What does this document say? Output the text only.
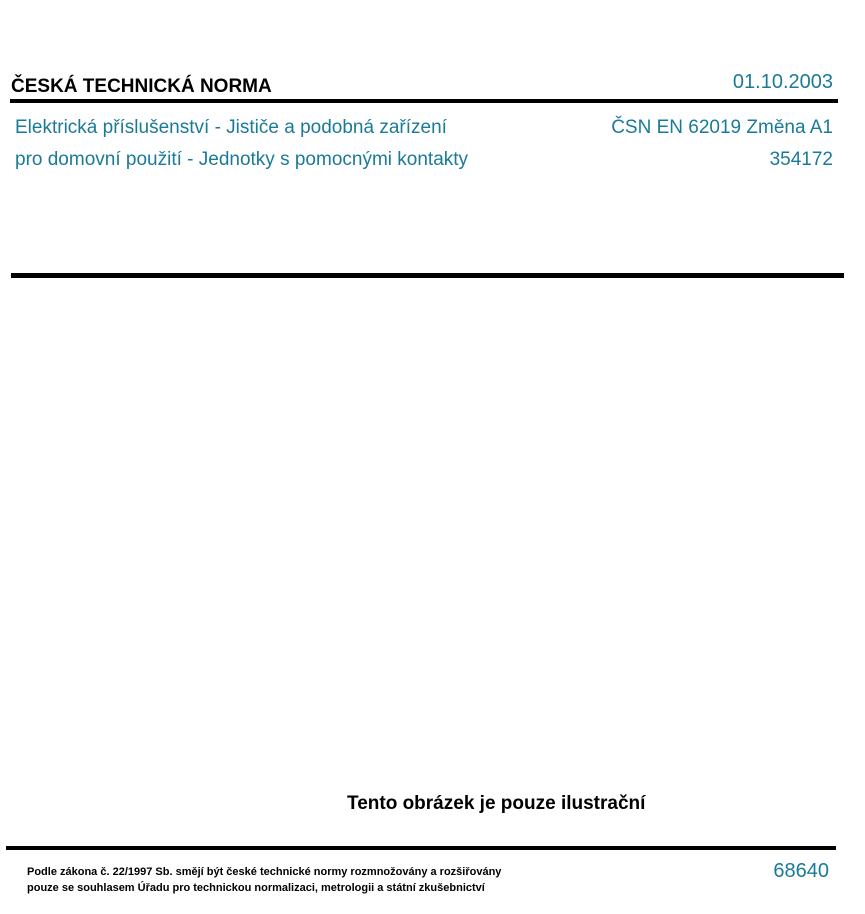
ČESKÁ TECHNICKÁ NORMA	01.10.2003
Elektrická příslušenství - Jističe a podobná zařízení
pro domovní použití - Jednotky s pomocnými kontakty
ČSN EN 62019 Změna A1
354172
Tento obrázek je pouze ilustrační
Podle zákona č. 22/1997 Sb. smějí být české technické normy rozmnožovány a rozšiřovány
pouze se souhlasem Úřadu pro technickou normalizaci, metrologii a státní zkušebnictví
68640
